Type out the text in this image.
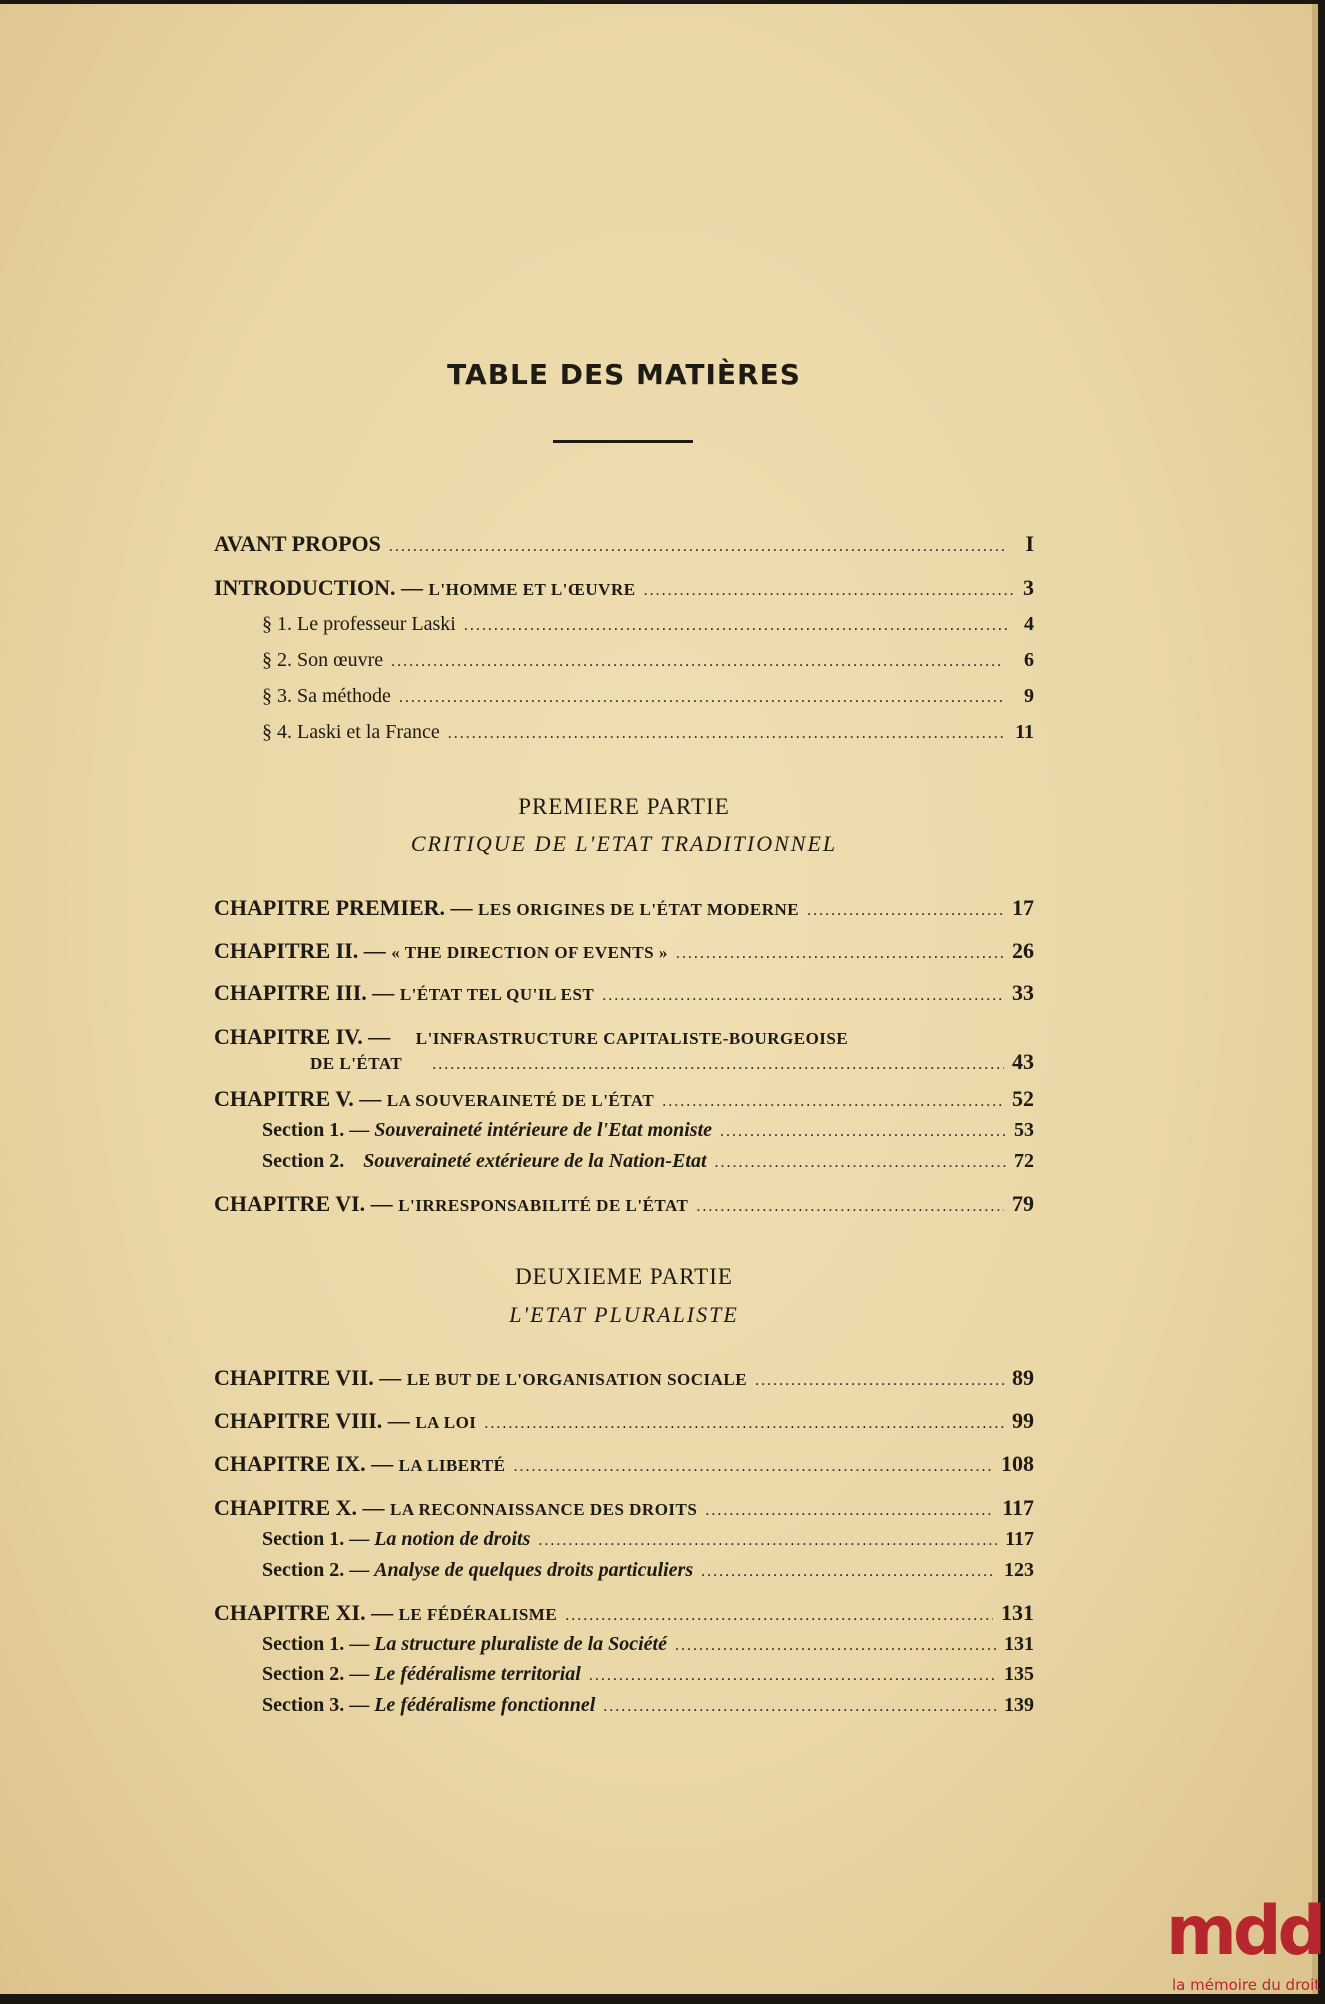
TABLE DES MATIÈRES
AVANT PROPOS .....	I
INTRODUCTION. — L'HOMME ET L'ŒUVRE .....	3
§ 1. Le professeur Laski .....	4
§ 2. Son œuvre .....	6
§ 3. Sa méthode .....	9
§ 4. Laski et la France .....	11
PREMIERE PARTIE
CRITIQUE DE L'ETAT TRADITIONNEL
CHAPITRE PREMIER. — LES ORIGINES DE L'ÉTAT MODERNE .....	17
CHAPITRE II. — « THE DIRECTION OF EVENTS » .....	26
CHAPITRE III. — L'ÉTAT TEL QU'IL EST .....	33
CHAPITRE IV. — L'INFRASTRUCTURE CAPITALISTE-BOURGEOISE
DE L'ÉTAT .....	43
CHAPITRE V. — LA SOUVERAINETÉ DE L'ÉTAT .....	52
Section 1. — Souveraineté intérieure de l'Etat moniste .....	53
Section 2. Souveraineté extérieure de la Nation-Etat .....	72
CHAPITRE VI. — L'IRRESPONSABILITÉ DE L'ÉTAT .....	79
DEUXIEME PARTIE
L'ETAT PLURALISTE
CHAPITRE VII. — LE BUT DE L'ORGANISATION SOCIALE .....	89
CHAPITRE VIII. — LA LOI .....	99
CHAPITRE IX. — LA LIBERTÉ .....	108
CHAPITRE X. — LA RECONNAISSANCE DES DROITS .....	117
Section 1. — La notion de droits .....	117
Section 2. — Analyse de quelques droits particuliers .....	123
CHAPITRE XI. — LE FÉDÉRALISME .....	131
Section 1. — La structure pluraliste de la Société .....	131
Section 2. — Le fédéralisme territorial .....	135
Section 3. — Le fédéralisme fonctionnel .....	139
mdd
la mémoire du droit
